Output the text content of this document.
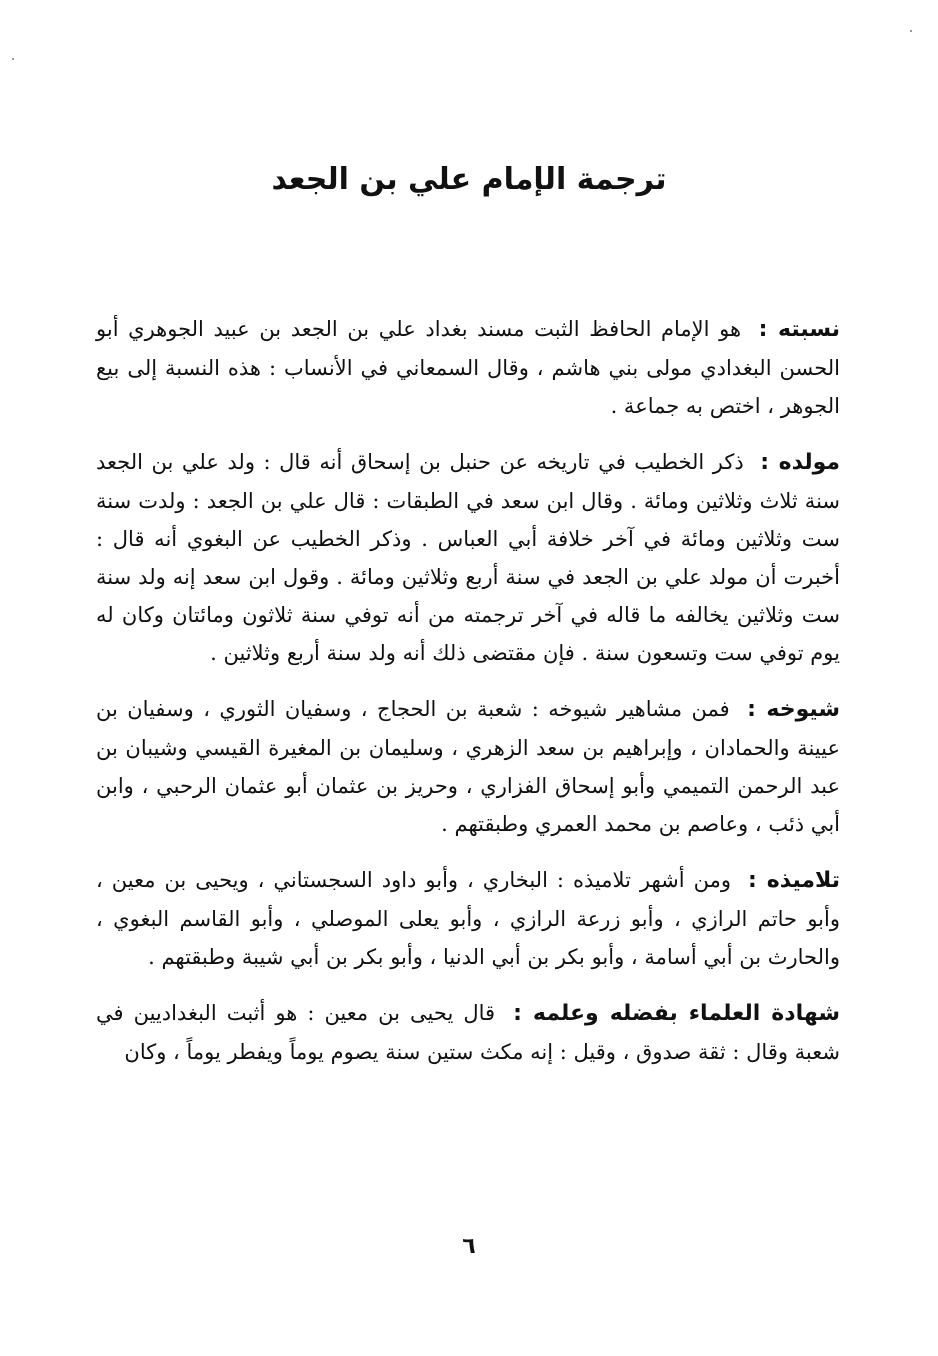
ترجمة الإمام علي بن الجعد

نسبته : هو الإمام الحافظ الثبت مسند بغداد علي بن الجعد بن عبيد الجوهري أبو الحسن البغدادي مولى بني هاشم ، وقال السمعاني في الأنساب : هذه النسبة إلى بيع الجوهر ، اختص به جماعة .

مولده : ذكر الخطيب في تاريخه عن حنبل بن إسحاق أنه قال : ولد علي بن الجعد سنة ثلاث وثلاثين ومائة . وقال ابن سعد في الطبقات : قال علي بن الجعد : ولدت سنة ست وثلاثين ومائة في آخر خلافة أبي العباس . وذكر الخطيب عن البغوي أنه قال : أخبرت أن مولد علي بن الجعد في سنة أربع وثلاثين ومائة . وقول ابن سعد إنه ولد سنة ست وثلاثين يخالفه ما قاله في آخر ترجمته من أنه توفي سنة ثلاثون ومائتان وكان له يوم توفي ست وتسعون سنة . فإن مقتضى ذلك أنه ولد سنة أربع وثلاثين .

شيوخه : فمن مشاهير شيوخه : شعبة بن الحجاج ، وسفيان الثوري ، وسفيان بن عيينة والحمادان ، وإبراهيم بن سعد الزهري ، وسليمان بن المغيرة القيسي وشيبان بن عبد الرحمن التميمي وأبو إسحاق الفزاري ، وحريز بن عثمان أبو عثمان الرحبي ، وابن أبي ذئب ، وعاصم بن محمد العمري وطبقتهم .

تلاميذه : ومن أشهر تلاميذه : البخاري ، وأبو داود السجستاني ، ويحيى بن معين ، وأبو حاتم الرازي ، وأبو زرعة الرازي ، وأبو يعلى الموصلي ، وأبو القاسم البغوي ، والحارث بن أبي أسامة ، وأبو بكر بن أبي الدنيا ، وأبو بكر بن أبي شيبة وطبقتهم .

شهادة العلماء بفضله وعلمه : قال يحيى بن معين : هو أثبت البغداديين في شعبة وقال : ثقة صدوق ، وقيل : إنه مكث ستين سنة يصوم يوماً ويفطر يوماً ، وكان

٦
